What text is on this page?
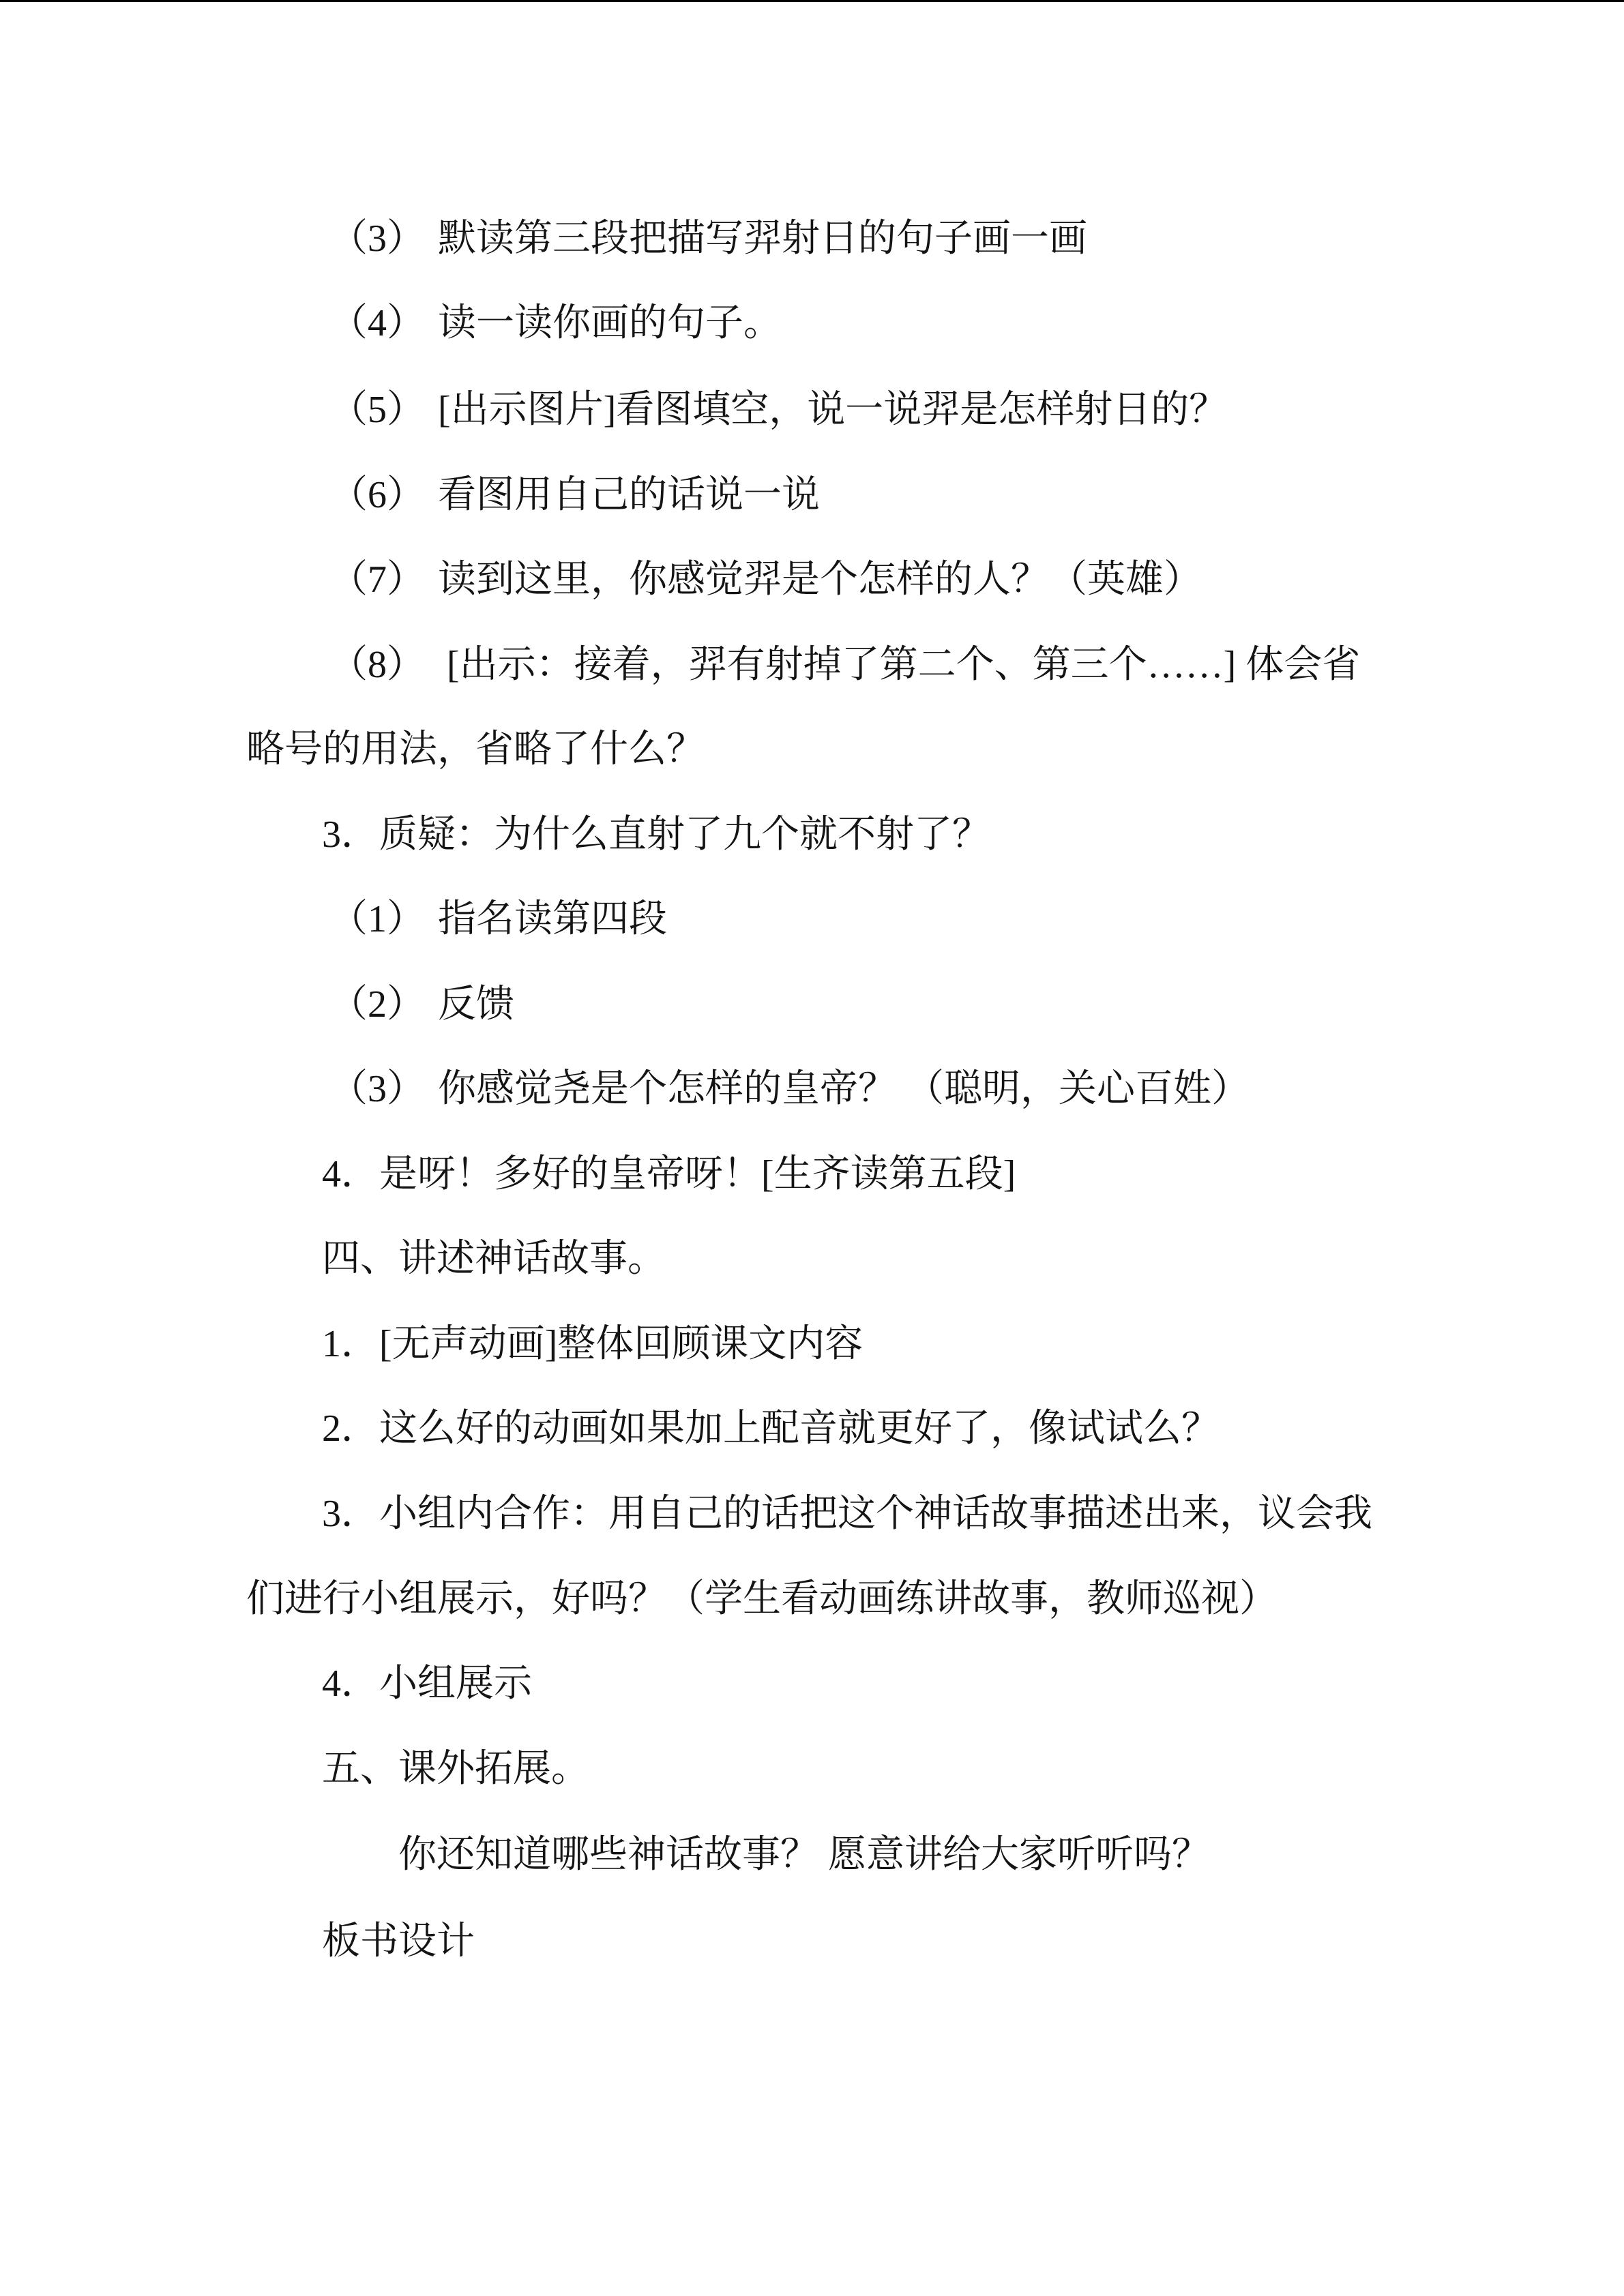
（3） 默读第三段把描写羿射日的句子画一画
（4） 读一读你画的句子。
（5） [出示图片]看图填空，说一说羿是怎样射日的？
（6） 看图用自己的话说一说
（7） 读到这里，你感觉羿是个怎样的人？（英雄）
（8） [出示：接着，羿有射掉了第二个、第三个……] 体会省
略号的用法，省略了什么？
3．质疑：为什么直射了九个就不射了？
（1） 指名读第四段
（2） 反馈
（3） 你感觉尧是个怎样的皇帝？ （聪明，关心百姓）
4．是呀！多好的皇帝呀！[生齐读第五段]
四、讲述神话故事。
1．[无声动画]整体回顾课文内容
2．这么好的动画如果加上配音就更好了，像试试么？
3．小组内合作：用自己的话把这个神话故事描述出来，议会我
们进行小组展示，好吗？（学生看动画练讲故事，教师巡视）
4．小组展示
五、课外拓展。
你还知道哪些神话故事？ 愿意讲给大家听听吗？
板书设计
